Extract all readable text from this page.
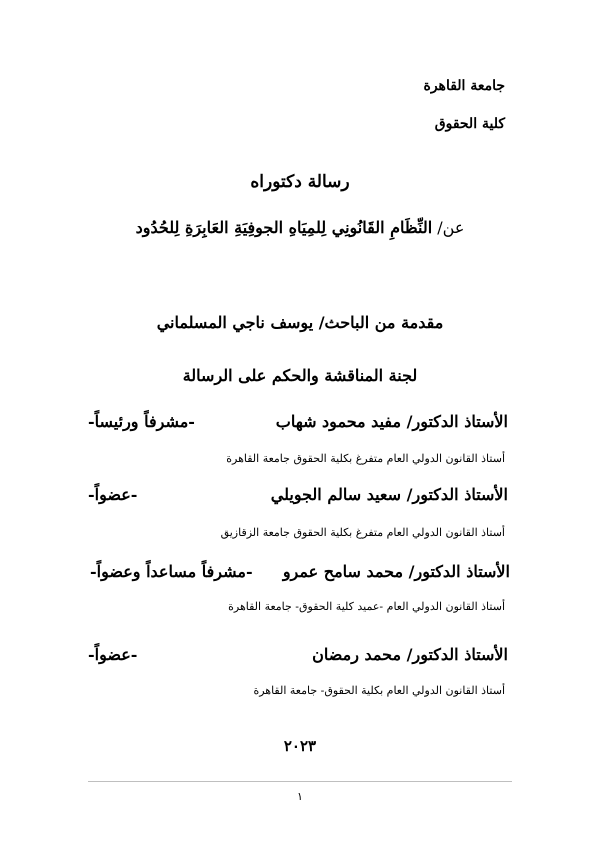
جامعة القاهرة
كلية الحقوق
رسالة دكتوراه
عن/ النِّظَامِ القَانُونِي لِلمِيَاهِ الجوفِيَةِ العَابِرَةِ لِلحُدُود
مقدمة من الباحث/ يوسف ناجي المسلماني
لجنة المناقشة والحكم على الرسالة
الأستاذ الدكتور/ مفيد محمود شهاب
-مشرفاً ورئيساً-
أستاذ القانون الدولي العام متفرغ بكلية الحقوق جامعة القاهرة
الأستاذ الدكتور/ سعيد سالم الجويلي
-عضواً-
أستاذ القانون الدولي العام متفرغ بكلية الحقوق جامعة الزقازيق
الأستاذ الدكتور/ محمد سامح عمرو
-مشرفاً مساعداً وعضواً-
أستاذ القانون الدولي العام -عميد كلية الحقوق- جامعة القاهرة
الأستاذ الدكتور/ محمد رمضان
-عضواً-
أستاذ القانون الدولي العام بكلية الحقوق- جامعة القاهرة
٢٠٢٣
١
